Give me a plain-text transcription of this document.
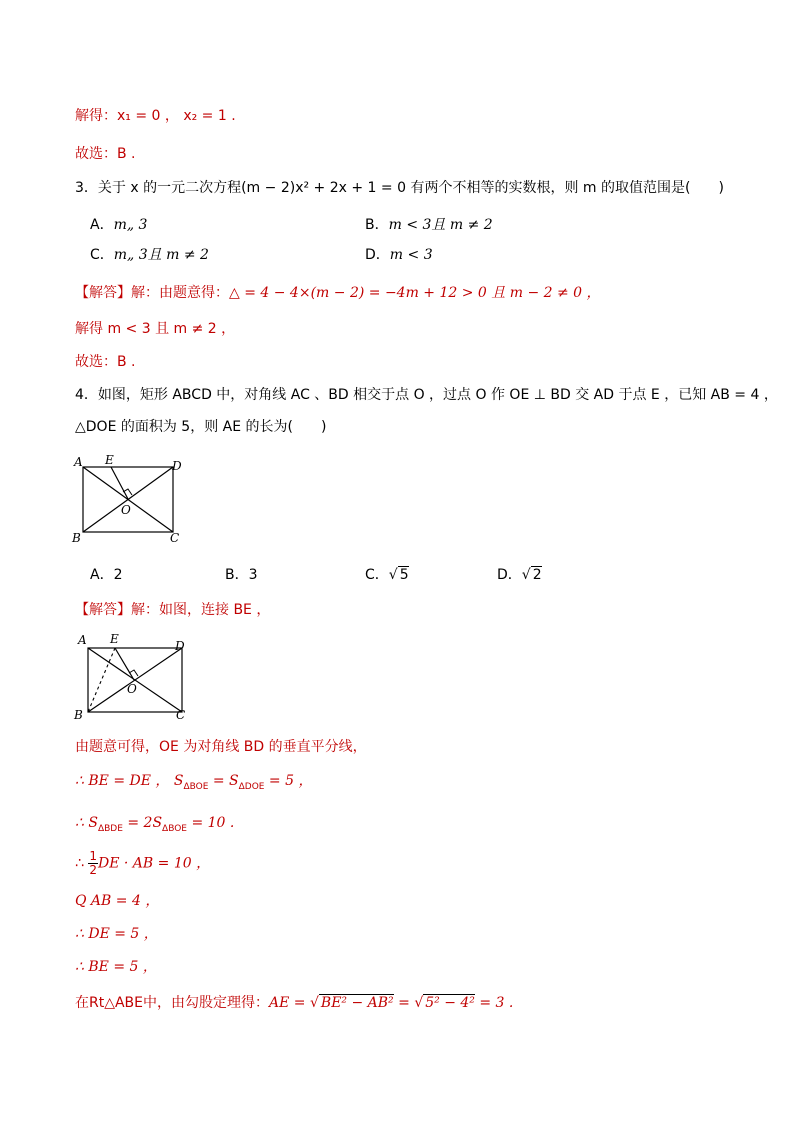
解得：x₁ = 0 ， x₂ = 1 .
故选：B .
3．关于 x 的一元二次方程(m − 2)x² + 2x + 1 = 0 有两个不相等的实数根，则 m 的取值范围是(　　)
A．m„ 3	B．m < 3且 m ≠ 2
C．m„ 3且 m ≠ 2	D．m < 3
【解答】解：由题意得：△ = 4 − 4×(m − 2) = −4m + 12 > 0 且 m − 2 ≠ 0 ，
解得 m < 3 且 m ≠ 2 ，
故选：B .
4．如图，矩形 ABCD 中，对角线 AC 、BD 相交于点 O ，过点 O 作 OE ⊥ BD 交 AD 于点 E ，已知 AB = 4 ，
△DOE 的面积为 5，则 AE 的长为(　　)
A E	D
B	C
O
A．2	B．3	C．√ 5	D．√ 2
【解答】解：如图，连接 BE ，
A E	D
B	C
O
由题意可得，OE 为对角线 BD 的垂直平分线，
∴ BE = DE ， $S_{\Delta BOE} = S_{\Delta DOE} = 5$ ，
∴ $S_{\Delta BDE} = 2S_{\Delta BOE} = 10$ .
∴ $\frac{1}{2}$ DE · AB = 10 ，
Q AB = 4 ，
∴ DE = 5 ，
∴ BE = 5 ，
在Rt△ABE中，由勾股定理得：AE = √ BE² − AB² = √ 5² − 4² = 3 .
